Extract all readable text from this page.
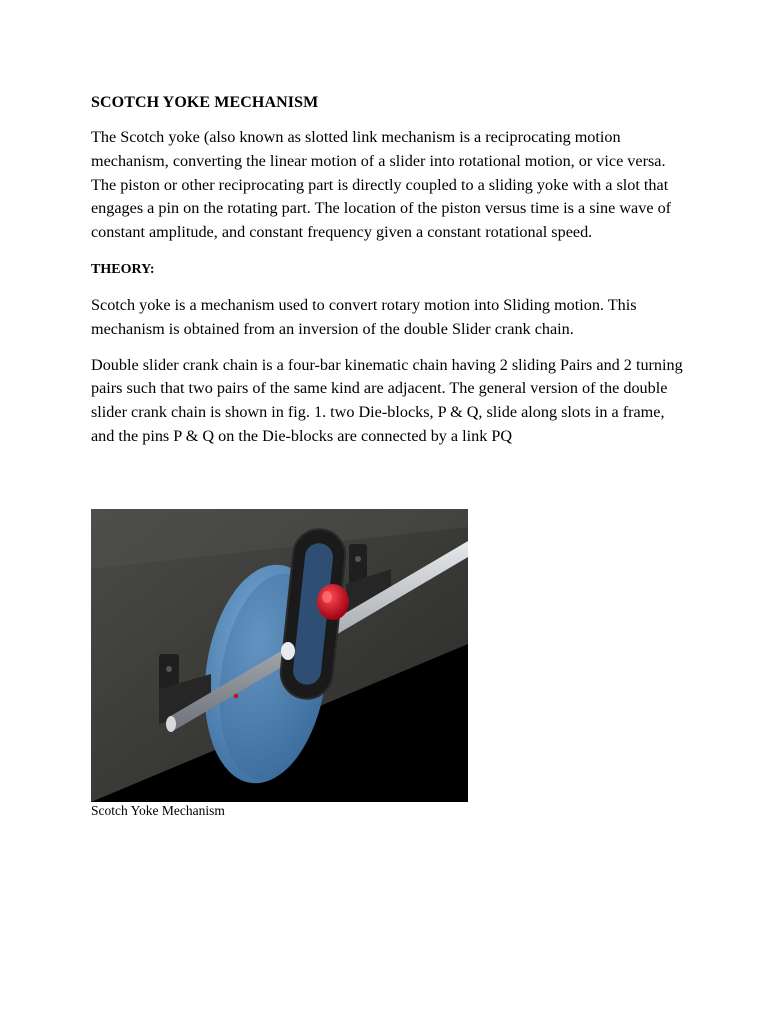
SCOTCH YOKE MECHANISM

The Scotch yoke (also known as slotted link mechanism is a reciprocating motion mechanism, converting the linear motion of a slider into rotational motion, or vice versa. The piston or other reciprocating part is directly coupled to a sliding yoke with a slot that engages a pin on the rotating part. The location of the piston versus time is a sine wave of constant amplitude, and constant frequency given a constant rotational speed.

THEORY:

Scotch yoke is a mechanism used to convert rotary motion into Sliding motion. This mechanism is obtained from an inversion of the double Slider crank chain.

Double slider crank chain is a four-bar kinematic chain having 2 sliding Pairs and 2 turning pairs such that two pairs of the same kind are adjacent. The general version of the double slider crank chain is shown in fig. 1. two Die-blocks, P & Q, slide along slots in a frame, and the pins P & Q on the Die-blocks are connected by a link PQ

Scotch Yoke Mechanism
